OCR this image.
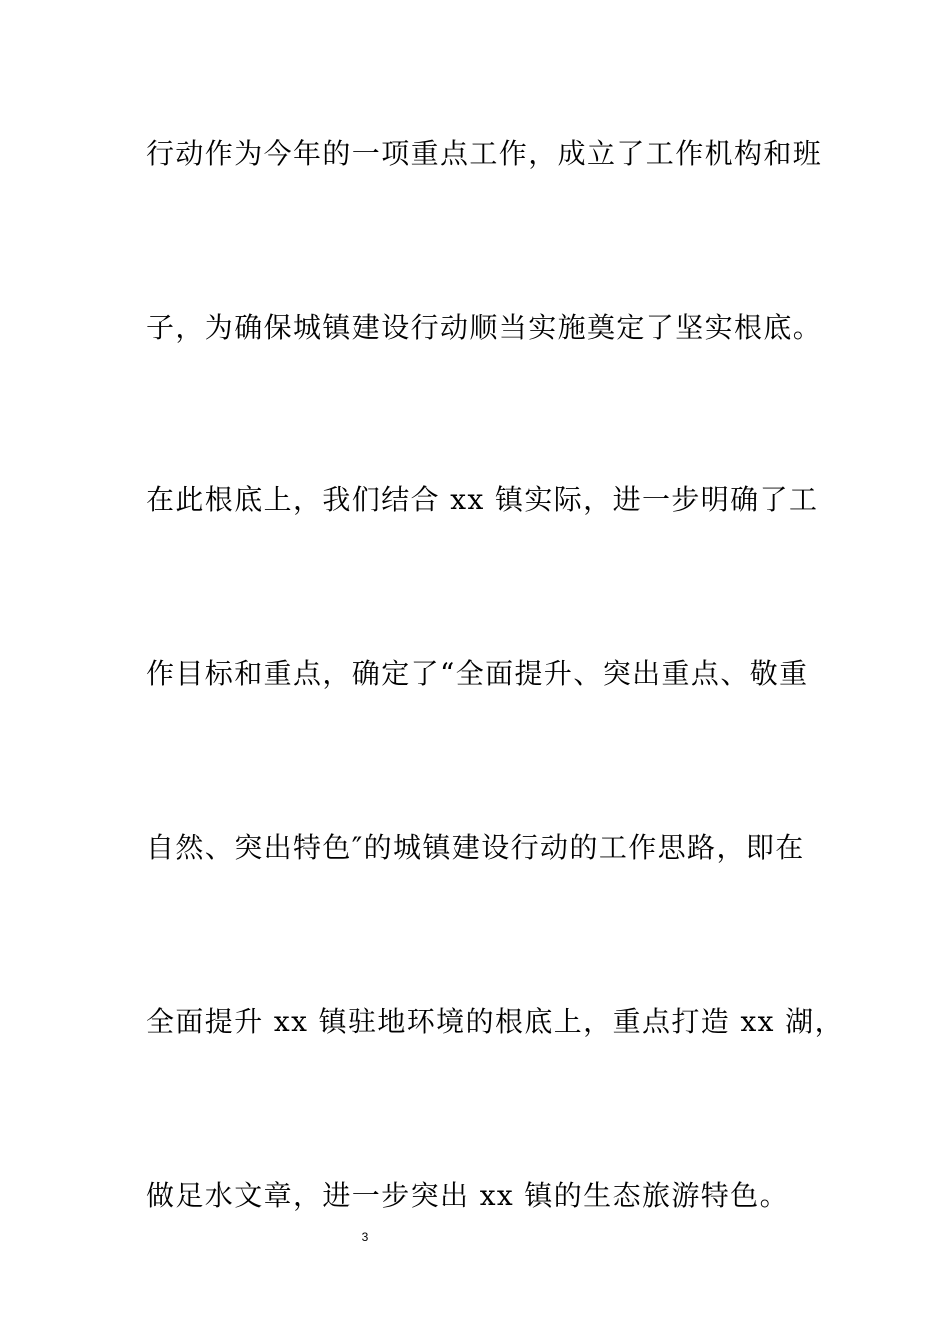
行动作为今年的一项重点工作，成立了工作机构和班
子，为确保城镇建设行动顺当实施奠定了坚实根底。
在此根底上，我们结合 xx 镇实际，进一步明确了工
作目标和重点，确定了“全面提升、突出重点、敬重
自然、突出特色″的城镇建设行动的工作思路，即在
全面提升 xx 镇驻地环境的根底上，重点打造 xx 湖，
做足水文章，进一步突出 xx 镇的生态旅游特色。
3
